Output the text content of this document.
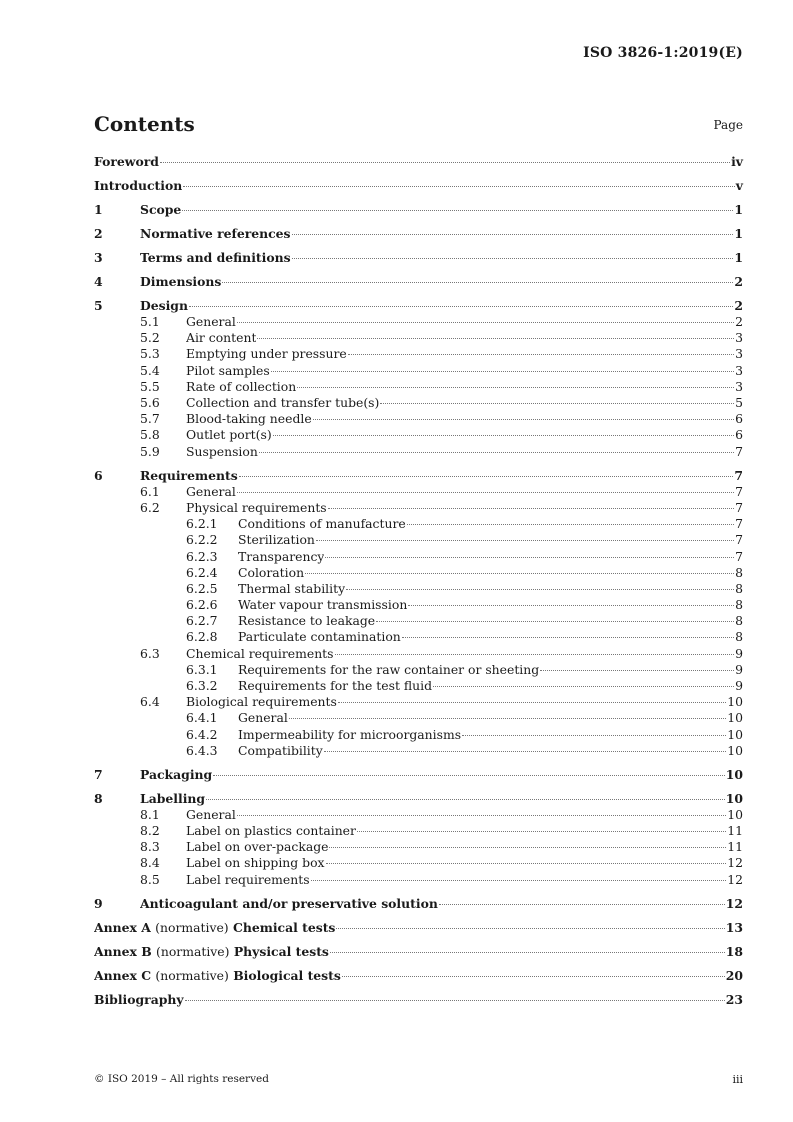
ISO 3826-1:2019(E)
Contents	Page
Foreword	iv
Introduction	v
1	Scope	1
2	Normative references	1
3	Terms and definitions	1
4	Dimensions	2
5	Design	2
5.1	General	2
5.2	Air content	3
5.3	Emptying under pressure	3
5.4	Pilot samples	3
5.5	Rate of collection	3
5.6	Collection and transfer tube(s)	5
5.7	Blood-taking needle	6
5.8	Outlet port(s)	6
5.9	Suspension	7
6	Requirements	7
6.1	General	7
6.2	Physical requirements	7
6.2.1	Conditions of manufacture	7
6.2.2	Sterilization	7
6.2.3	Transparency	7
6.2.4	Coloration	8
6.2.5	Thermal stability	8
6.2.6	Water vapour transmission	8
6.2.7	Resistance to leakage	8
6.2.8	Particulate contamination	8
6.3	Chemical requirements	9
6.3.1	Requirements for the raw container or sheeting	9
6.3.2	Requirements for the test fluid	9
6.4	Biological requirements	10
6.4.1	General	10
6.4.2	Impermeability for microorganisms	10
6.4.3	Compatibility	10
7	Packaging	10
8	Labelling	10
8.1	General	10
8.2	Label on plastics container	11
8.3	Label on over-package	11
8.4	Label on shipping box	12
8.5	Label requirements	12
9	Anticoagulant and/or preservative solution	12
Annex A (normative) Chemical tests	13
Annex B (normative) Physical tests	18
Annex C (normative) Biological tests	20
Bibliography	23
© ISO 2019 – All rights reserved	iii
